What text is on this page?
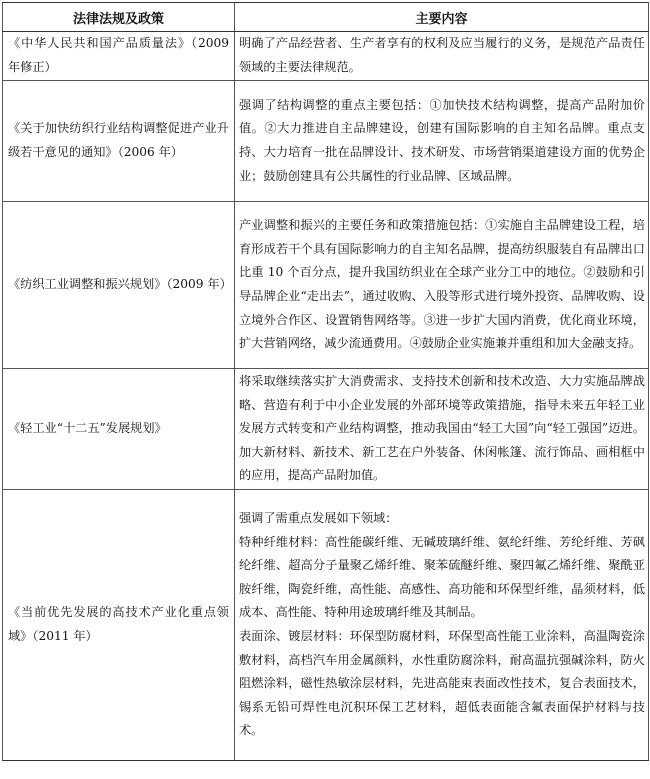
法律法规及政策	主要内容
《中华人民共和国产品质量法》（2009 年修正）	明确了产品经营者、生产者享有的权利及应当履行的义务，是规范产品责任领域的主要法律规范。

《关于加快纺织行业结构调整促进产业升级若干意见的通知》（2006 年）	强调了结构调整的重点主要包括：①加快技术结构调整，提高产品附加价值。②大力推进自主品牌建设，创建有国际影响的自主知名品牌。重点支持、大力培育一批在品牌设计、技术研发、市场营销渠道建设方面的优势企业；鼓励创建具有公共属性的行业品牌、区域品牌。

《纺织工业调整和振兴规划》（2009 年）	产业调整和振兴的主要任务和政策措施包括：①实施自主品牌建设工程，培育形成若干个具有国际影响力的自主知名品牌，提高纺织服装自有品牌出口比重 10 个百分点，提升我国纺织业在全球产业分工中的地位。②鼓励和引导品牌企业“走出去”，通过收购、入股等形式进行境外投资、品牌收购、设立境外合作区、设置销售网络等。③进一步扩大国内消费，优化商业环境，扩大营销网络，减少流通费用。④鼓励企业实施兼并重组和加大金融支持。

《轻工业“十二五”发展规划》	将采取继续落实扩大消费需求、支持技术创新和技术改造、大力实施品牌战略、营造有利于中小企业发展的外部环境等政策措施，指导未来五年轻工业发展方式转变和产业结构调整，推动我国由“轻工大国”向“轻工强国”迈进。加大新材料、新技术、新工艺在户外装备、休闲帐篷、流行饰品、画相框中的应用，提高产品附加值。

《当前优先发展的高技术产业化重点领域》（2011 年）	强调了需重点发展如下领域：
特种纤维材料：高性能碳纤维、无碱玻璃纤维、氨纶纤维、芳纶纤维、芳砜纶纤维、超高分子量聚乙烯纤维、聚苯硫醚纤维、聚四氟乙烯纤维、聚酰亚胺纤维，陶瓷纤维，高性能、高感性、高功能和环保型纤维，晶须材料，低成本、高性能、特种用途玻璃纤维及其制品。
表面涂、镀层材料：环保型防腐材料，环保型高性能工业涂料，高温陶瓷涂敷材料，高档汽车用金属颜料，水性重防腐涂料，耐高温抗强碱涂料，防火阻燃涂料，磁性热敏涂层材料，先进高能束表面改性技术，复合表面技术，锡系无铅可焊性电沉积环保工艺材料，超低表面能含氟表面保护材料与技术。
